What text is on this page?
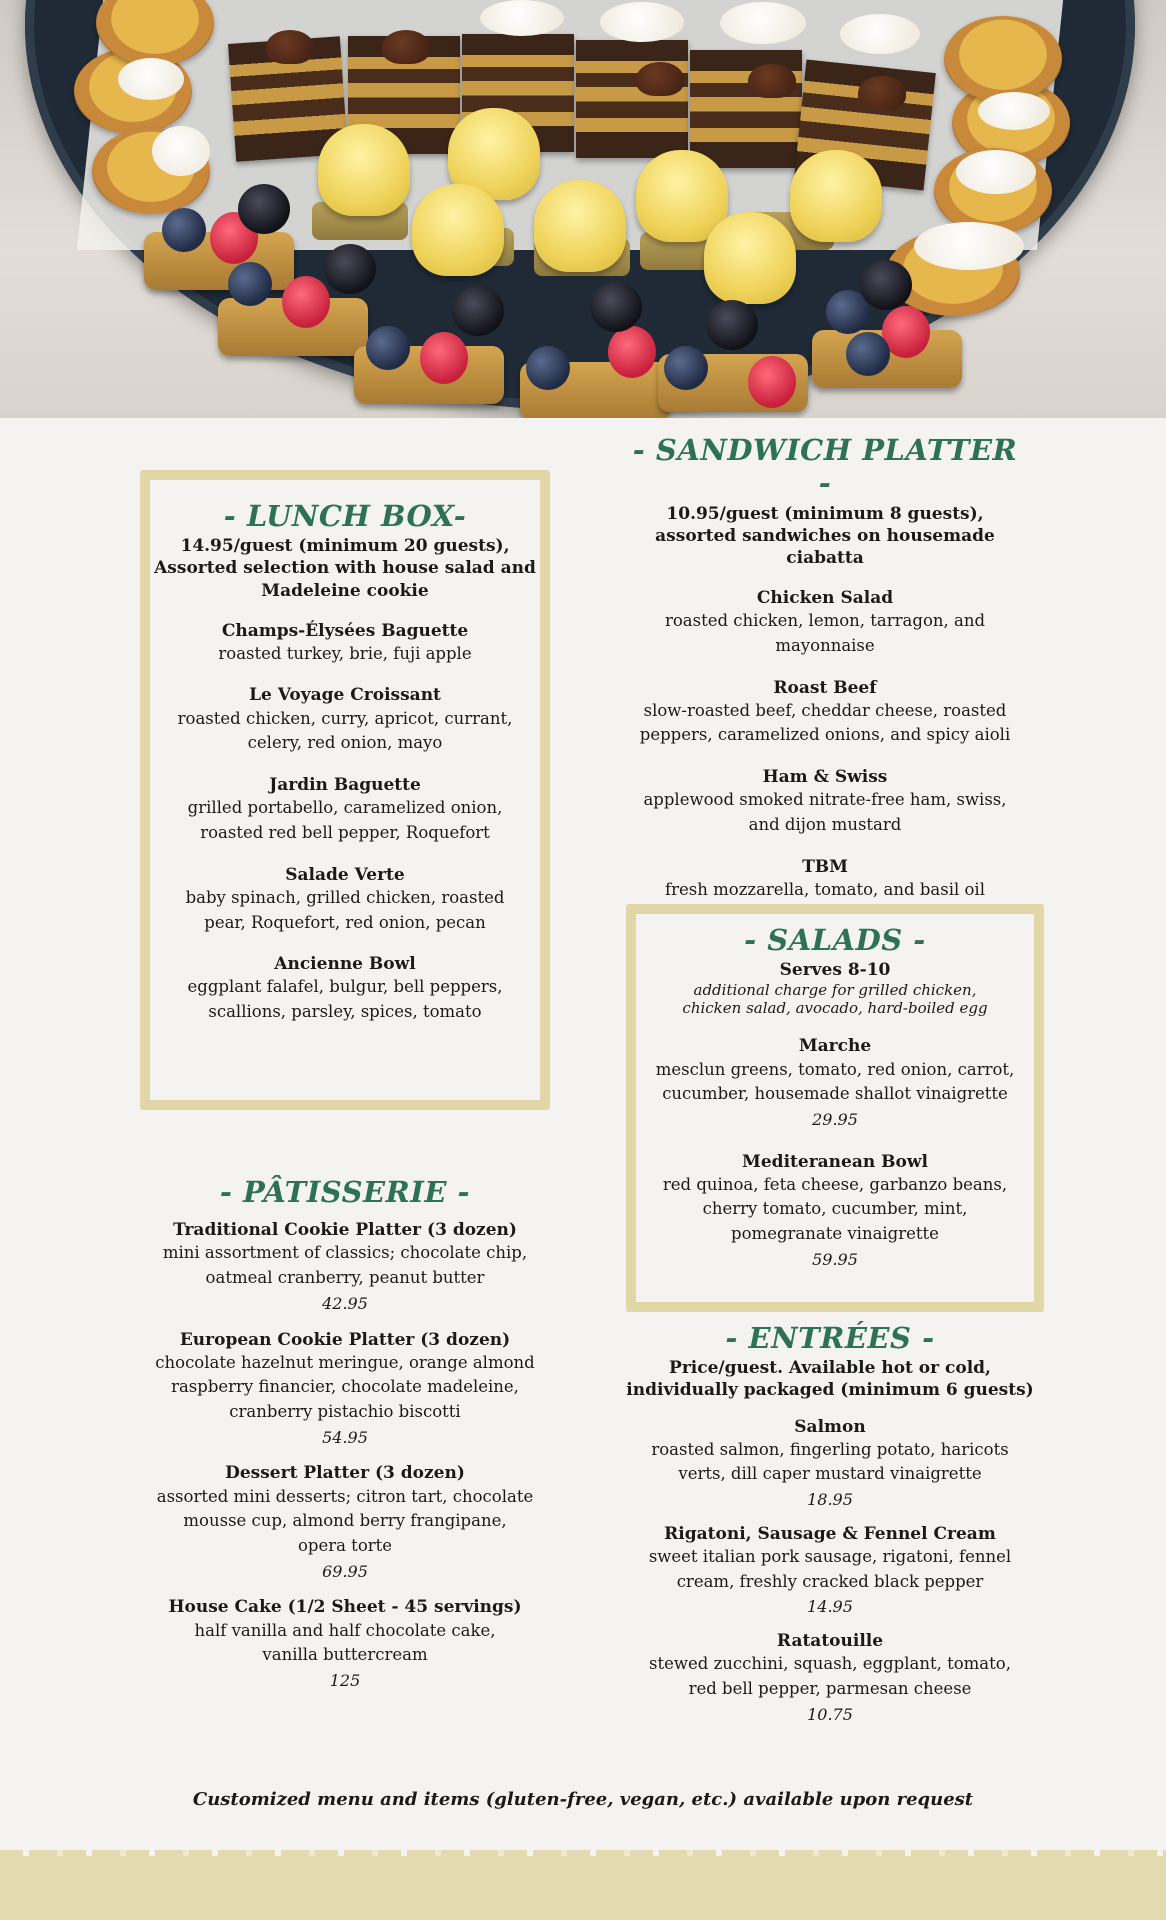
- LUNCH BOX-
14.95/guest (minimum 20 guests),
Assorted selection with house salad and
Madeleine cookie
Champs-Élysées Baguette
roasted turkey, brie, fuji apple
Le Voyage Croissant
roasted chicken, curry, apricot, currant,
celery, red onion, mayo
Jardin Baguette
grilled portabello, caramelized onion,
roasted red bell pepper, Roquefort
Salade Verte
baby spinach, grilled chicken, roasted
pear, Roquefort, red onion, pecan
Ancienne Bowl
eggplant falafel, bulgur, bell peppers,
scallions, parsley, spices, tomato
- SANDWICH PLATTER -
10.95/guest (minimum 8 guests),
assorted sandwiches on housemade ciabatta
Chicken Salad
roasted chicken, lemon, tarragon, and
mayonnaise
Roast Beef
slow-roasted beef, cheddar cheese, roasted
peppers, caramelized onions, and spicy aioli
Ham & Swiss
applewood smoked nitrate-free ham, swiss,
and dijon mustard
TBM
fresh mozzarella, tomato, and basil oil
- SALADS -
Serves 8-10
additional charge for grilled chicken,
chicken salad, avocado, hard-boiled egg
Marche
mesclun greens, tomato, red onion, carrot,
cucumber, housemade shallot vinaigrette
29.95
Mediteranean Bowl
red quinoa, feta cheese, garbanzo beans,
cherry tomato, cucumber, mint,
pomegranate vinaigrette
59.95
- PÂTISSERIE -
Traditional Cookie Platter (3 dozen)
mini assortment of classics; chocolate chip,
oatmeal cranberry, peanut butter
42.95
European Cookie Platter (3 dozen)
chocolate hazelnut meringue, orange almond
raspberry financier, chocolate madeleine,
cranberry pistachio biscotti
54.95
Dessert Platter (3 dozen)
assorted mini desserts; citron tart, chocolate
mousse cup, almond berry frangipane,
opera torte
69.95
House Cake (1/2 Sheet - 45 servings)
half vanilla and half chocolate cake,
vanilla buttercream
125
- ENTRÉES -
Price/guest. Available hot or cold,
individually packaged (minimum 6 guests)
Salmon
roasted salmon, fingerling potato, haricots
verts, dill caper mustard vinaigrette
18.95
Rigatoni, Sausage & Fennel Cream
sweet italian pork sausage, rigatoni, fennel
cream, freshly cracked black pepper
14.95
Ratatouille
stewed zucchini, squash, eggplant, tomato,
red bell pepper, parmesan cheese
10.75
Customized menu and items (gluten-free, vegan, etc.) available upon request
